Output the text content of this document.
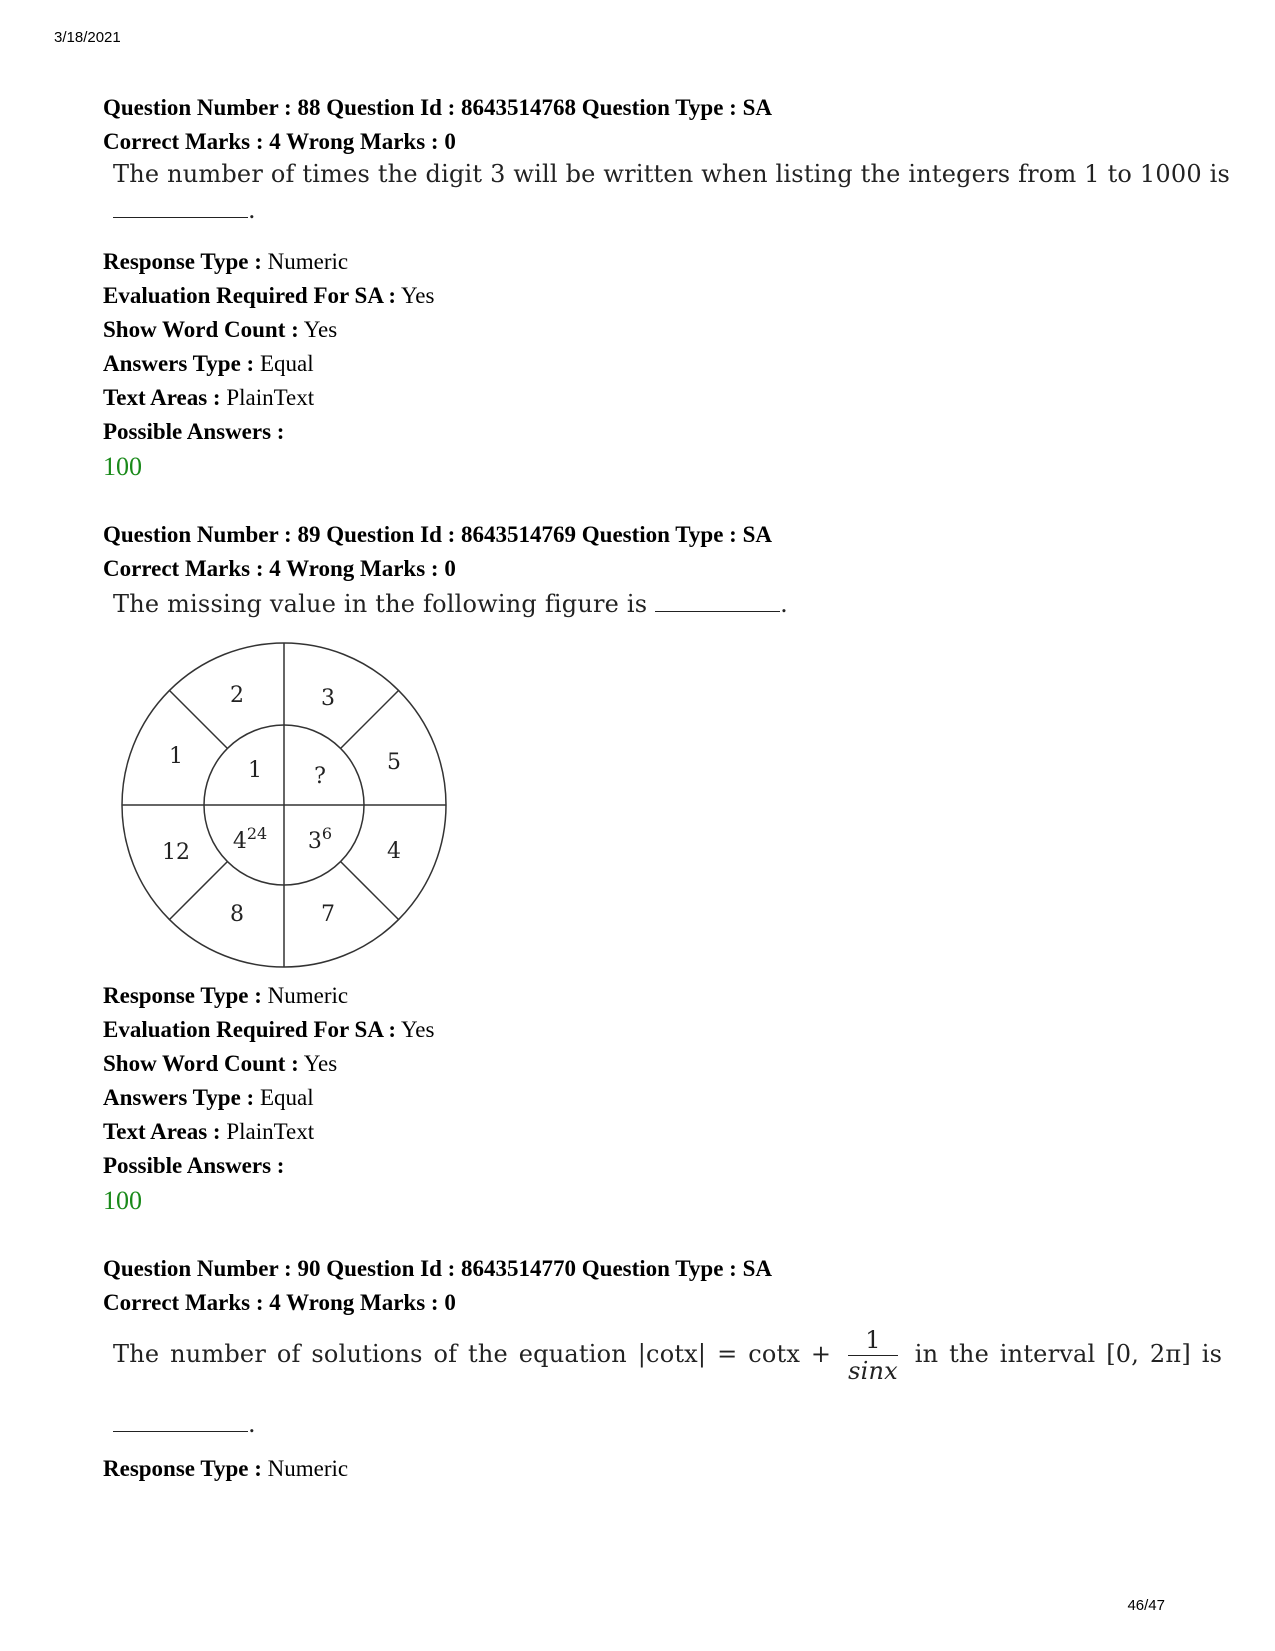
3/18/2021
Question Number : 88 Question Id : 8643514768 Question Type : SA
Correct Marks : 4 Wrong Marks : 0
The number of times the digit 3 will be written when listing the integers from 1 to 1000 is
.
Response Type : Numeric
Evaluation Required For SA : Yes
Show Word Count : Yes
Answers Type : Equal
Text Areas : PlainText
Possible Answers :
100
Question Number : 89 Question Id : 8643514769 Question Type : SA
Correct Marks : 4 Wrong Marks : 0
The missing value in the following figure is	.
2	3
5
4
7
8
12
1
1 ?
$4^{24}$ $3^6$
Response Type : Numeric
Evaluation Required For SA : Yes
Show Word Count : Yes
Answers Type : Equal
Text Areas : PlainText
Possible Answers :
100
Question Number : 90 Question Id : 8643514770 Question Type : SA
Correct Marks : 4 Wrong Marks : 0
The number of solutions of the equation $|\cot x| = \cot x + \frac{1}{\sin x}$ in the interval [0, 2π] is
.
Response Type : Numeric
46/47
